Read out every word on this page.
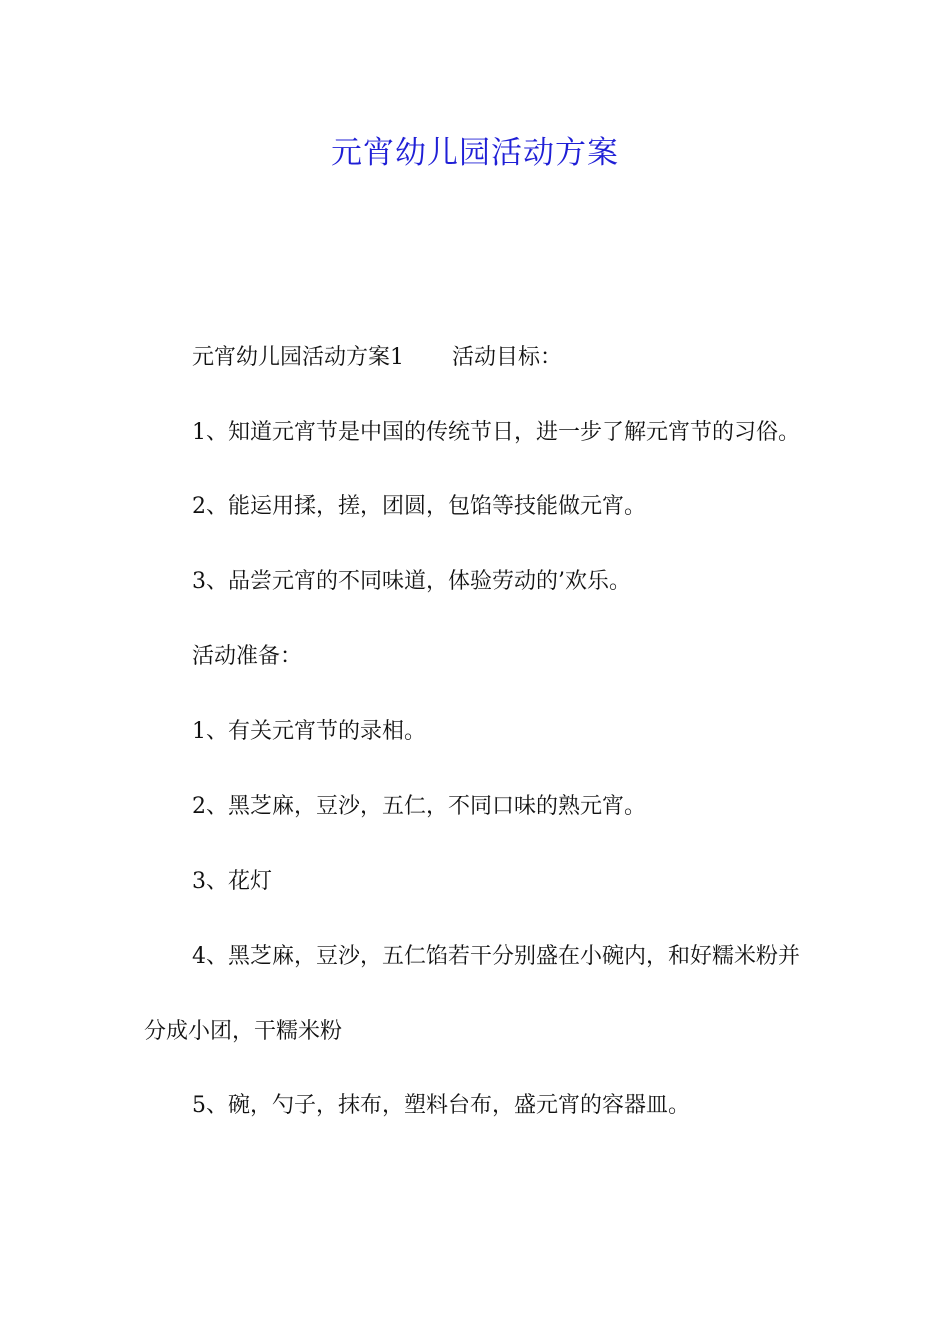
元宵幼儿园活动方案

元宵幼儿园活动方案1 活动目标：

1、知道元宵节是中国的传统节日，进一步了解元宵节的习俗。

2、能运用揉，搓，团圆，包馅等技能做元宵。

3、品尝元宵的不同味道，体验劳动的’欢乐。

活动准备：

1、有关元宵节的录相。

2、黑芝麻，豆沙，五仁，不同口味的熟元宵。

3、花灯

4、黑芝麻，豆沙，五仁馅若干分别盛在小碗内，和好糯米粉并分成小团，干糯米粉

5、碗，勺子，抹布，塑料台布，盛元宵的容器皿。
